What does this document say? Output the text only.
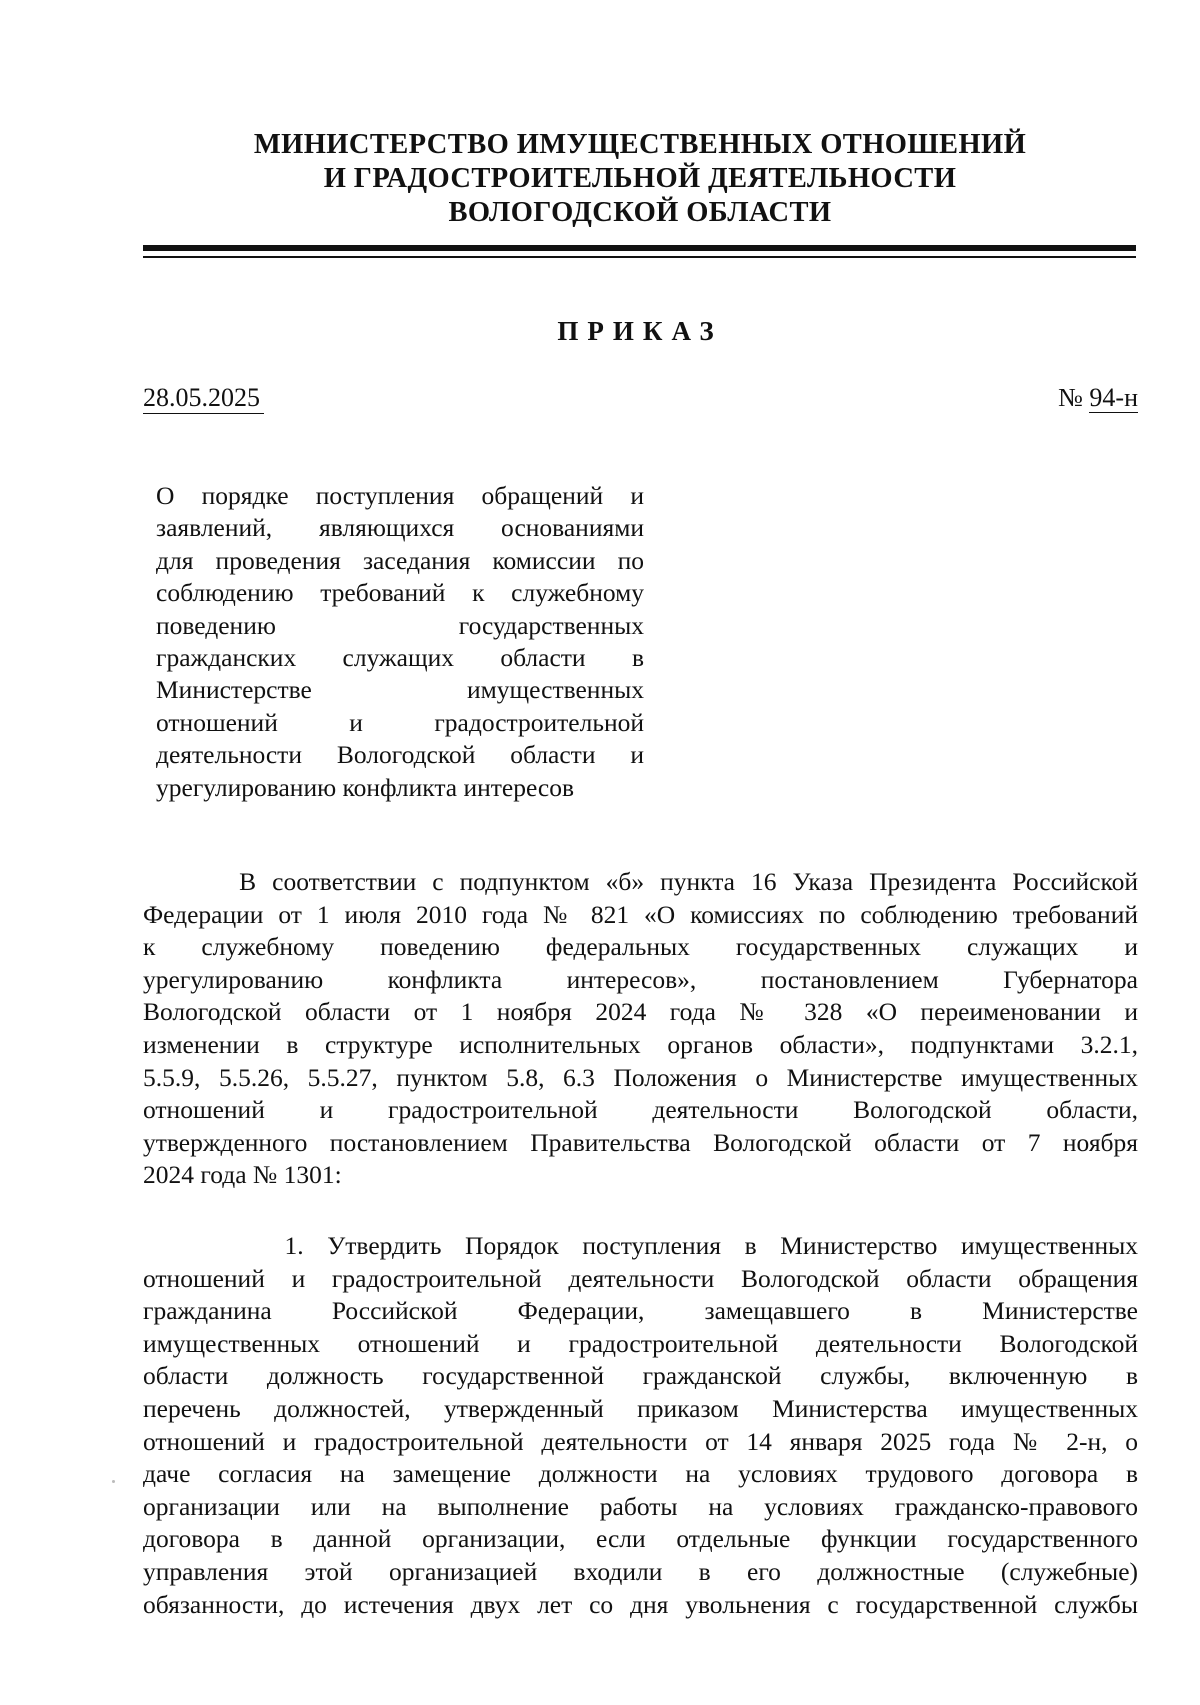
МИНИСТЕРСТВО ИМУЩЕСТВЕННЫХ ОТНОШЕНИЙ
И ГРАДОСТРОИТЕЛЬНОЙ ДЕЯТЕЛЬНОСТИ
ВОЛОГОДСКОЙ ОБЛАСТИ
ПРИКАЗ
28.05.2025	№ 94-н
О порядке поступления обращений и
заявлений, являющихся основаниями
для проведения заседания комиссии по
соблюдению требований к служебному
поведению государственных
гражданских служащих области в
Министерстве имущественных
отношений и градостроительной
деятельности Вологодской области и
урегулированию конфликта интересов
В соответствии с подпунктом «б» пункта 16 Указа Президента Российской
Федерации от 1 июля 2010 года № 821 «О комиссиях по соблюдению требований
к служебному поведению федеральных государственных служащих и
урегулированию конфликта интересов», постановлением Губернатора
Вологодской области от 1 ноября 2024 года № 328 «О переименовании и
изменении в структуре исполнительных органов области», подпунктами 3.2.1,
5.5.9, 5.5.26, 5.5.27, пунктом 5.8, 6.3 Положения о Министерстве имущественных
отношений и градостроительной деятельности Вологодской области,
утвержденного постановлением Правительства Вологодской области от 7 ноября
2024 года № 1301:
1. Утвердить Порядок поступления в Министерство имущественных
отношений и градостроительной деятельности Вологодской области обращения
гражданина Российской Федерации, замещавшего в Министерстве
имущественных отношений и градостроительной деятельности Вологодской
области должность государственной гражданской службы, включенную в
перечень должностей, утвержденный приказом Министерства имущественных
отношений и градостроительной деятельности от 14 января 2025 года № 2-н, о
даче согласия на замещение должности на условиях трудового договора в
организации или на выполнение работы на условиях гражданско-правового
договора в данной организации, если отдельные функции государственного
управления этой организацией входили в его должностные (служебные)
обязанности, до истечения двух лет со дня увольнения с государственной службы
